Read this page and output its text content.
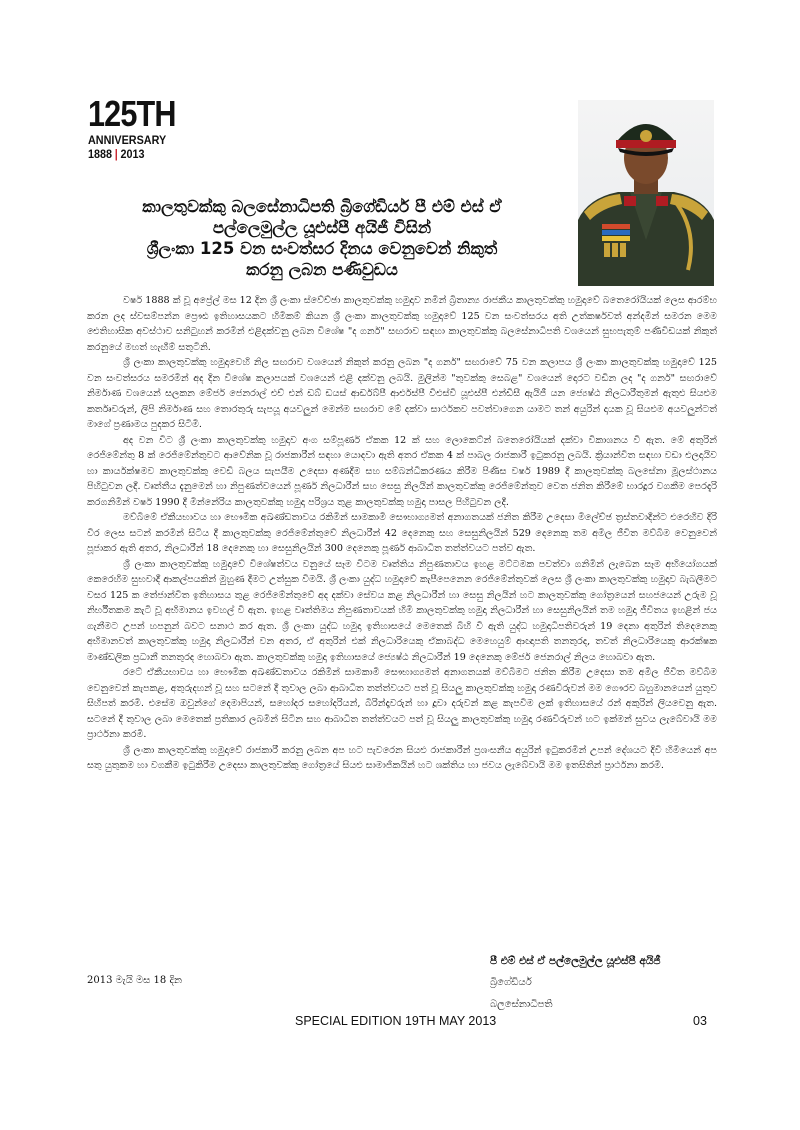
125TH
ANNIVERSARY
1888 | 2013
කාලතුවක්කු බලසේනාධිපති බ්‍රිගේඩියර් පී එම් එස් ඒ
පල්ලෙමුල්ල යූඑස්පී අයිජී විසින්
ශ්‍රීලංකා 125 වන සංවත්සර දිනය වෙනුවෙන් නිකුත්
කරනු ලබන පණිවුඩය

වර්ෂ 1888 ක් වූ අප්‍රේල් මස 12 දින ශ්‍රී ලංකා ස්වේච්ඡා කාලතුවක්කු හමුදාව නමින් බ්‍රිතාන්‍ය රාජකීය කාලතුවක්කු හමුදාවේ බතෙරෝයියක් ලෙස ආරම්භ කරන ලද ස්වසම්පන්න ප්‍රෞඪ ඉතිහාසයකට හිමිකම් කියන ශ්‍රී ලංකා කාලතුවක්කු හමුදාවේ 125 වන සංවත්සරය අති උත්කර්ෂවත් අන්දමින් සමරන මෙම ඓතිහාසික අවස්ථාව සනිටුහන් කරමින් එළිදක්වනු ලබන විශේෂ "ද ගනර්" සඟරාව සඳහා කාලතුවක්කු බලසේනාධිපති වශයෙන් සුභපැතුම් පණිවිඩයක් නිකුත් කරනුයේ මහත් හැඟීම් සතුටිනි.

ශ්‍රී ලංකා කාලතුවක්කු හමුදාවෙහි නිල සඟරාව වශයෙන් නිකුත් කරනු ලබන "ද ගනර්" සඟරාවේ 75 වන කලාපය ශ්‍රී ලංකා කාලතුවක්කු හමුදාවේ 125 වන සංවත්සරය සමරමින් අද දින විශේෂ කලාපයක් වශයෙන් එළි දක්වනු ලබයි. මුලින්ම "තුවක්කු සෙබළ" වශයෙන් දොරට වඩින ලද "ද ගනර්" සඟරාවේ නිර්මාණ වශයෙන් සලකන මේජර් ජෙනරාල් එච් එන් ඩබ් ඩයස් ආර්ඩබ්පී ආර්එස්පී වීඑස්වී යූඑස්පී එන්ඩීසී ඇයිජී යන ජ්‍යෙෂ්ඨ නිලධාරීතුමන් ඇතුළු සියළුම කර්තෘවරුන්, ලිපි නිර්මාණ සහ තොරතුරු සැපයූ අයවලුන් මෙන්ම සඟරාව මේ දක්වා සාර්ථකව පවත්වාගෙන යාමට තන් අයුරින් දායක වූ සියළුම අයවලුන්ටත් මාගේ ප්‍රණාමය පුදකර සිටිමි.

අද වන විට ශ්‍රී ලංකා කාලතුවක්කු හමුදාව අංග සම්පූර්ණ ඒකක 12 ක් සහ ලොකෙට්න් බතෙරෝයියක් දක්වා විකාශනය වී ඇත. මේ අතුරින් රෙජිමේන්තු 8 ක් රෙජිමේන්තුවට ආවේනික වූ රාජකාරීන් සඳහා යොදවා ඇති අතර ඒකක 4 ක් පාබල රාජකාරී ඉටුකරනු ලබයි. ක්‍රියාන්විත සඳහා වඩා එලදායිව හා කාර්යක්ෂමව කාලතුවක්කු වෙඩි බලය සැපයීම උදෙසා අණදීම සහ සම්බන්ධීකරණය කිරීම පිණිස වර්ෂ 1989 දී කාලතුවක්කු බලසේනා මූලස්ථානය පිහිටුවන ලදී. වෘත්තීය දැනුමෙන් හා නිපුණත්වයෙන් පූර්ණ නිලධාරීන් සහ සෙසු නිලයින් කාලතුවක්කු රෙජිමේන්තුව වෙත ජනිත කිරීමේ භාරදූර වගකීම පෙරදැරි කරගනිමින් වර්ෂ 1990 දී මින්නේරිය කාලතුවක්කු හමුදා පරිශ්‍රය තුළ කාලතුවක්කු හමුදා පාසල පිහිටුවන ලදී.

මව්බිමේ ඒකීයභාවය හා භෞමික අඛණ්ඩතාවය රකිමින් සාමකාමී සෞභාග්‍යමත් අනාගතයක් ජනිත කිරීම උදෙසා මිලේච්ඡ ත්‍රස්තවාදීන්ට එරෙහිව දිරි වීර ලෙස සටන් කරමින් සිටිය දී කාලතුවක්කු රෙජිමේන්තුවේ නිලධාරීන් 42 දෙනෙකු සහ සෙසුනිලයින් 529 දෙනෙකු තම අමිල ජීවිත මව්බිම වෙනුවෙන් පූජාකර ඇති අතර, නිලධාරීන් 18 දෙනෙකු හා සෙසුනිලයින් 300 දෙනෙකු පූර්ණ ආබාධිත තත්ත්වයට පත්ව ඇත.

ශ්‍රී ලංකා කාලතුවක්කු හමුදාවේ විශේෂත්වය වනුයේ සෑම විටම වෘත්තිය නිපුණතාවය ඉහළ මට්ටමක පවත්වා ගනිමින් ලැබෙන සෑම අභියෝගයක් කෙරෙහිම සුභවාදී ආකල්පයකින් මුහුණ දීමට උත්සුක වීමයි. ශ්‍රී ලංකා යුද්ධ හමුදාවේ කැපීපෙනෙන රෙජිමේන්තුවක් ලෙස ශ්‍රී ලංකා කාලතුවක්කු හමුදාව බැබලීමට වසර 125 ක තේජාන්විත ඉතිහාසය තුළ රෙජිමේන්තුවේ අද දක්වා සේවය කළ නිලධාරීන් හා සෙසු නිලයින් හට කාලතුවක්කු ගෝත්‍රයෙන් සහජයෙන් උරුම වූ නිර්භීතකම කැටි වූ අභිමානය ඉවහල් වී ඇත. ඉහළ වෘත්තිමය නිපුණතාවයක් හිමි කාලතුවක්කු හමුදා නිලධාරීන් හා සෙසුනිලයින් තම හමුදා ජීවිතය ඉහළින් ජය ගැනීමට උපන් හපනුන් බවට සනාථ කර ඇත. ශ්‍රී ලංකා යුද්ධ හමුදා ඉතිහාසයේ මෙතෙක් බිහි වී ඇති යුද්ධ හමුදාධිපතිවරුන් 19 දෙනා අතුරින් තිදෙනෙකු අභිමානවත් කාලතුවක්කු හමුදා නිලධාරීන් වන අතර, ඒ අතුරින් එක් නිලධාරියෙකු ඒකාබද්ධ මෙහෙයුම් ආඥාපති තනතුරද, තවත් නිලධාරියෙකු ආරක්ෂක මාණ්ඩලික ප්‍රධානී තනතුරද හොබවා ඇත. කාලතුවක්කු හමුදා ඉතිහාසයේ ජ්‍යෙෂ්ඨ නිලධාරීන් 19 දෙනෙකු මේජර් ජෙනරාල් නිලය හොබවා ඇත.

රටේ ඒකීයභාවය හා භෞමික අඛණ්ඩතාවය රකිමින් සාමකාමී සෞභාග්‍යමත් අනාගතයක් මව්බිමට ජනිත කිරීම උදෙසා තම අමිල ජීවිත මව්බිම වෙනුවෙන් කැපකළ, අතුරුදහන් වූ සහ සටනේ දී තුවාල ලබා ආබාධිත තත්ත්වයට පත් වූ සියලු කාලතුවක්කු හමුදා රණවිරුවන් මම ගෞරව බහුමානයෙන් යුතුව සිහිපත් කරමි. එසේම ඔවුන්ගේ දෙමාපියන්, සහෝදර සහෝදරියන්, බිරින්දෑවරුන් හා දූවා දරුවන් කළ කැපවීම ලක් ඉතිහාසයේ රන් අකුරින් ලියවෙනු ඇත. සටනේ දී තුවාල ලබා මෙතෙක් ප්‍රතිකාර ලබමින් සිටින සහ ආබාධිත තත්ත්වයට පත් වූ සියලු කාලතුවක්කු හමුදා රණවිරුවන් හට ඉක්මන් සුවය ලැබේවායි මම ප්‍රාර්ථනා කරමි.

ශ්‍රී ලංකා කාලතුවක්කු හමුදාවේ රාජකාරී කරනු ලබන අප හට පැවරෙන සියළු රාජකාරීන් ප්‍රශංසනීය අයුරින් ඉටුකරමින් උපන් දේශයට දිවි හිමියෙන් අප සතු යුතුකම හා වගකීම ඉටුකිරීම උදෙසා කාලතුවක්කු ගෝත්‍රයේ සියළු සාමාජිකයින් හට ශක්තිය හා ජවය ලැබේවායි මම ඉතසිතින් ප්‍රාර්ථනා කරමි.

පී එම් එස් ඒ පල්ලෙමුල්ල යූඑස්පී අයිජී
බ්‍රිගේඩියර්
බලසේනාධිපති
2013 මැයි මස 18 දින
SPECIAL EDITION 19TH MAY 2013	03
